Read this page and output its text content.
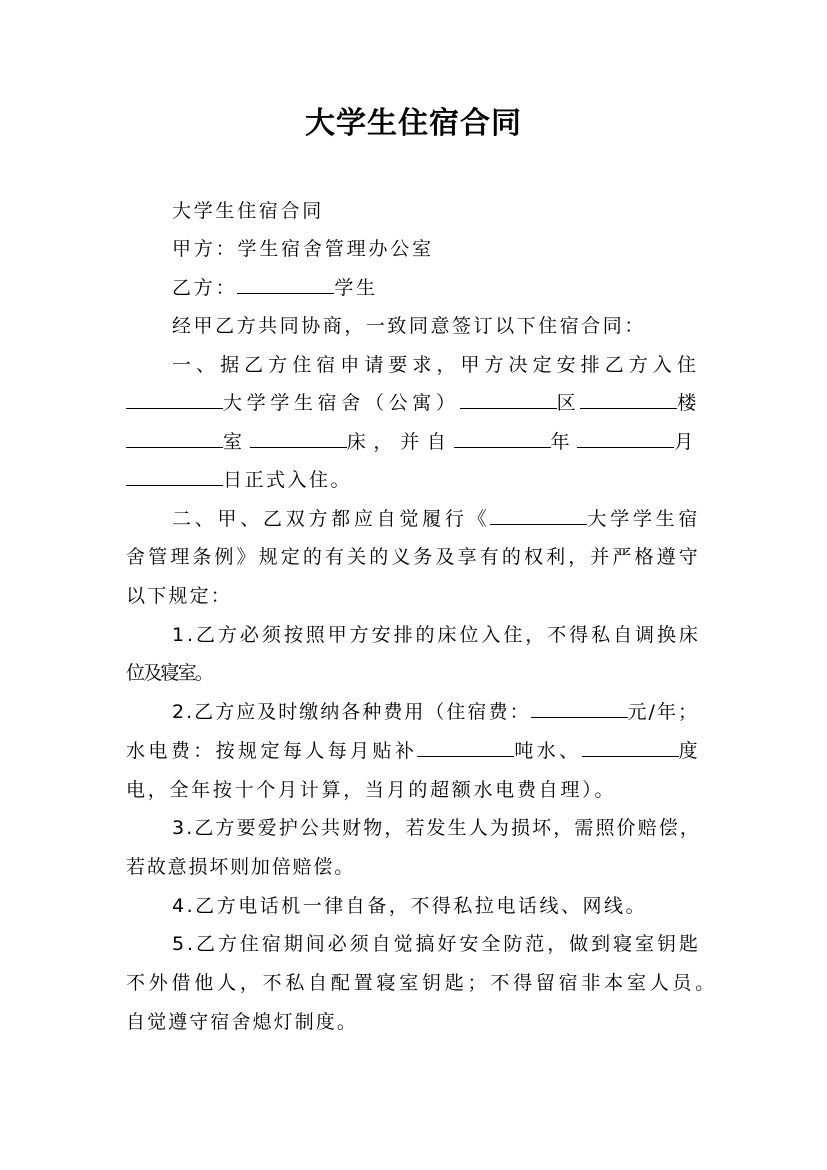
大学生住宿合同
大学生住宿合同
甲方：学生宿舍管理办公室
乙方：	学生
经甲乙方共同协商，一致同意签订以下住宿合同：
一、据乙方住宿申请要求，甲方决定安排乙方入住
大学学生宿舍（公寓）	区	楼
室	床，并自	年	月
日正式入住。
二、甲、乙双方都应自觉履行《	大学学生宿
舍管理条例》规定的有关的义务及享有的权利，并严格遵守
以下规定：
1.乙方必须按照甲方安排的床位入住，不得私自调换床
位及寝室。
2.乙方应及时缴纳各种费用（住宿费：	元/年；
水电费：按规定每人每月贴补	吨水、	度
电，全年按十个月计算，当月的超额水电费自理）。
3.乙方要爱护公共财物，若发生人为损坏，需照价赔偿，
若故意损坏则加倍赔偿。
4.乙方电话机一律自备，不得私拉电话线、网线。
5.乙方住宿期间必须自觉搞好安全防范，做到寝室钥匙
不外借他人，不私自配置寝室钥匙；不得留宿非本室人员。
自觉遵守宿舍熄灯制度。
